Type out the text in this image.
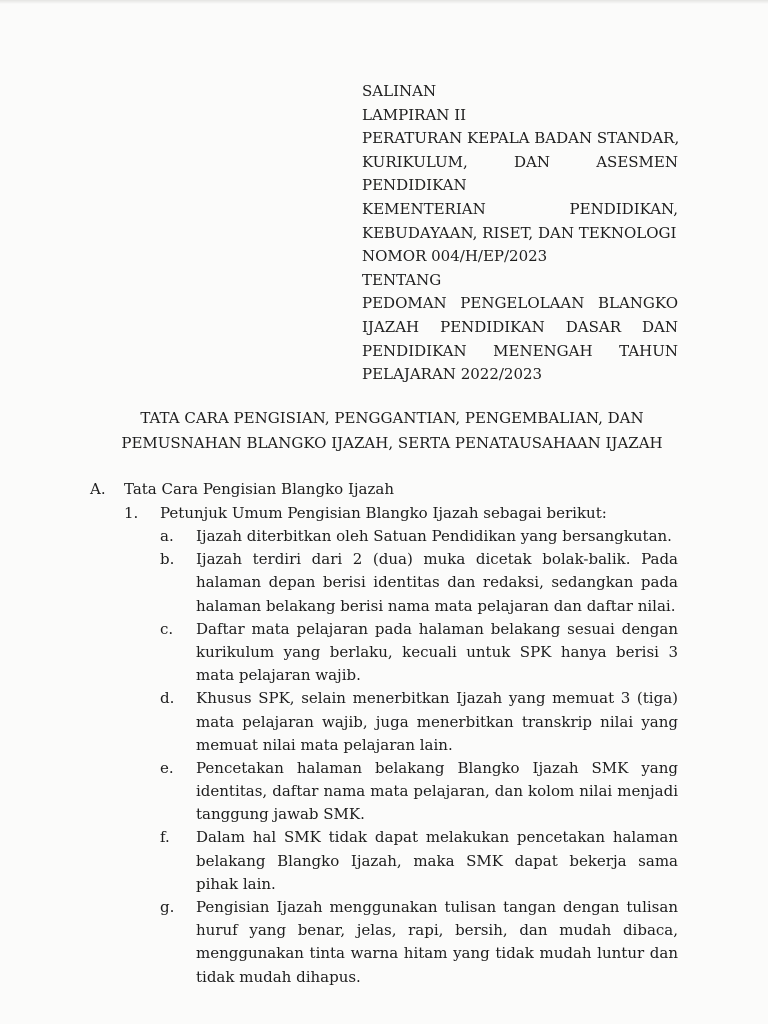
SALINAN
LAMPIRAN II
PERATURAN KEPALA BADAN STANDAR,
KURIKULUM, DAN ASESMEN
PENDIDIKAN
KEMENTERIAN PENDIDIKAN,
KEBUDAYAAN, RISET, DAN TEKNOLOGI
NOMOR 004/H/EP/2023
TENTANG
PEDOMAN PENGELOLAAN BLANGKO
IJAZAH PENDIDIKAN DASAR DAN
PENDIDIKAN MENENGAH TAHUN
PELAJARAN 2022/2023
TATA CARA PENGISIAN, PENGGANTIAN, PENGEMBALIAN, DAN
PEMUSNAHAN BLANGKO IJAZAH, SERTA PENATAUSAHAAN IJAZAH
A. Tata Cara Pengisian Blangko Ijazah
1. Petunjuk Umum Pengisian Blangko Ijazah sebagai berikut:
a. Ijazah diterbitkan oleh Satuan Pendidikan yang bersangkutan.
b. Ijazah terdiri dari 2 (dua) muka dicetak bolak-balik. Pada
halaman depan berisi identitas dan redaksi, sedangkan pada
halaman belakang berisi nama mata pelajaran dan daftar nilai.
c. Daftar mata pelajaran pada halaman belakang sesuai dengan
kurikulum yang berlaku, kecuali untuk SPK hanya berisi 3
mata pelajaran wajib.
d. Khusus SPK, selain menerbitkan Ijazah yang memuat 3 (tiga)
mata pelajaran wajib, juga menerbitkan transkrip nilai yang
memuat nilai mata pelajaran lain.
e. Pencetakan halaman belakang Blangko Ijazah SMK yang
identitas, daftar nama mata pelajaran, dan kolom nilai menjadi
tanggung jawab SMK.
f. Dalam hal SMK tidak dapat melakukan pencetakan halaman
belakang Blangko Ijazah, maka SMK dapat bekerja sama
pihak lain.
g. Pengisian Ijazah menggunakan tulisan tangan dengan tulisan
huruf yang benar, jelas, rapi, bersih, dan mudah dibaca,
menggunakan tinta warna hitam yang tidak mudah luntur dan
tidak mudah dihapus.
